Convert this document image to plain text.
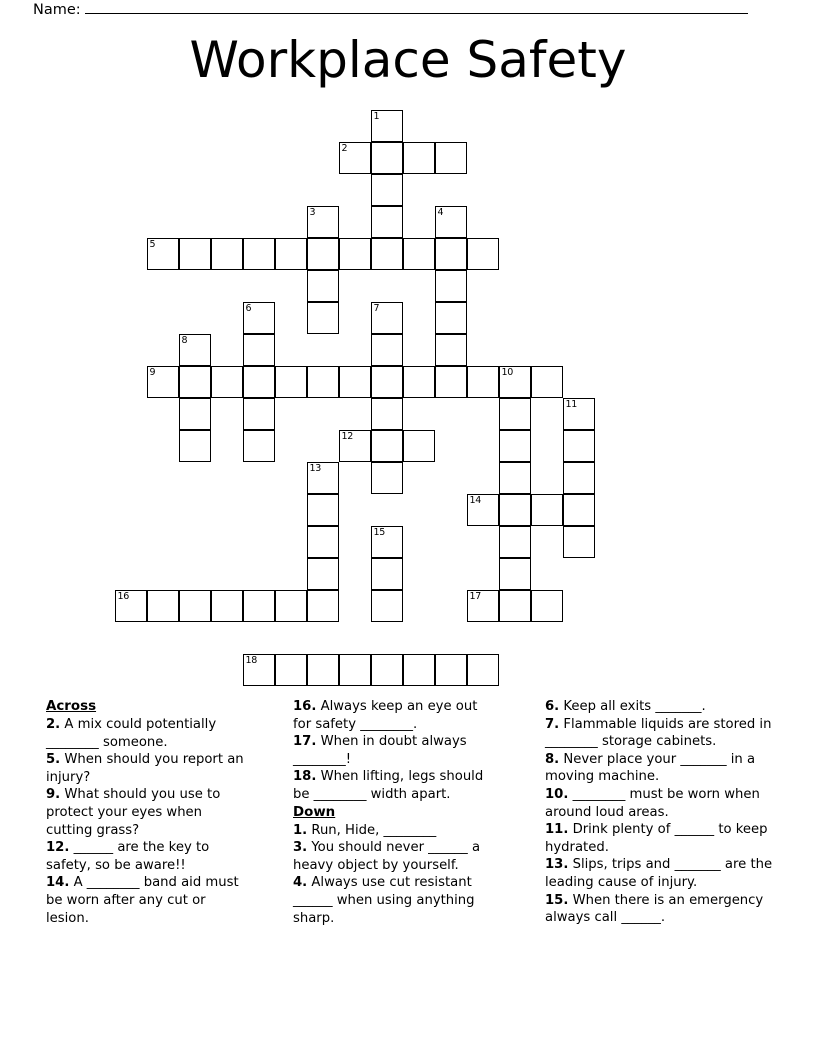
Name:
Workplace Safety
1
2
3	4
5
6	7
8
9	10
11
12
13
14
15
16	17
18
Across
2. A mix could potentially ________ someone.
5. When should you report an injury?
9. What should you use to protect your eyes when cutting grass?
12. ______ are the key to safety, so be aware!!
14. A ________ band aid must be worn after any cut or lesion.
16. Always keep an eye out for safety ________.
17. When in doubt always ________!
18. When lifting, legs should be ________ width apart.
Down
1. Run, Hide, ________
3. You should never ______ a heavy object by yourself.
4. Always use cut resistant ______ when using anything sharp.
6. Keep all exits _______.
7. Flammable liquids are stored in ________ storage cabinets.
8. Never place your _______ in a moving machine.
10. ________ must be worn when around loud areas.
11. Drink plenty of ______ to keep hydrated.
13. Slips, trips and _______ are the leading cause of injury.
15. When there is an emergency always call ______.
